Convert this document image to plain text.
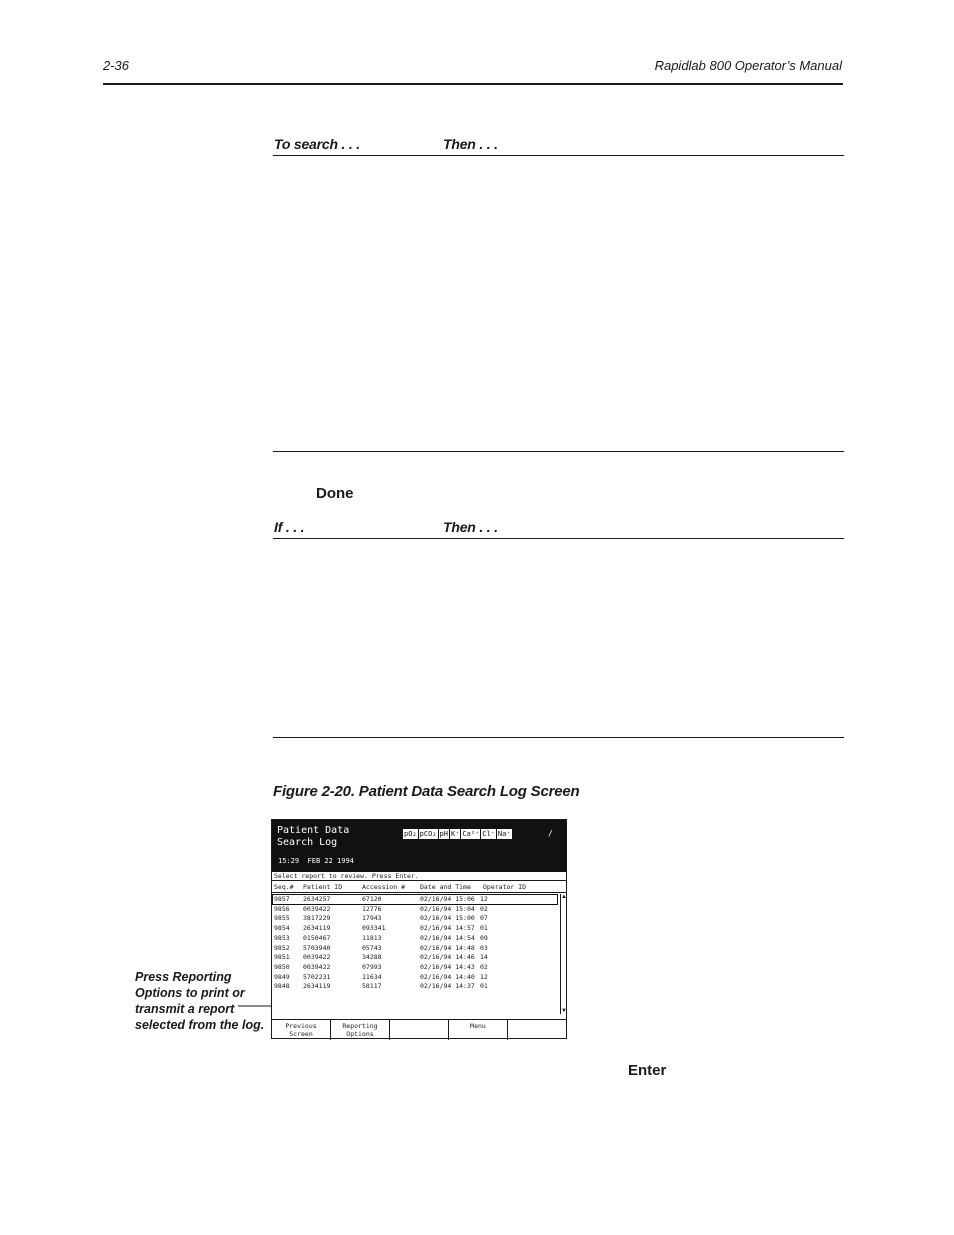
2-36	Rapidlab 800 Operator’s Manual
To search . . .	Then . . .
Done
If . . .	Then . . .
Figure 2-20. Patient Data Search Log Screen
Press Reporting Options to print or transmit a report selected from the log.
Patient Data
Search Log
pO₂ pCO₂ pH K⁺ Ca²⁺ Cl⁻ Na⁺	/
15:29 FEB 22 1994
Select report to review. Press Enter.
Seq.# Patient ID	Accession # Date and Time Operator ID
9857 2634257	67120	02/16/94 15:06 12
9856 0039422	12776	02/16/94 15:04 02
9855 3817229	17943	02/16/94 15:00 07
9854 2634119	093341	02/16/94 14:57 01
9853 0150467	11813	02/16/94 14:54 09
9852 5703940	05743	02/16/94 14:48 03
9851 0039422	34288	02/16/94 14:46 14
9850 0039422	07993	02/16/94 14:43 02
9849 5702231	11634	02/16/94 14:40 12
9848 2634119	58117	02/16/94 14:37 01
▲
▼
Previous
Screen
Reporting
Options
Menu
Enter
